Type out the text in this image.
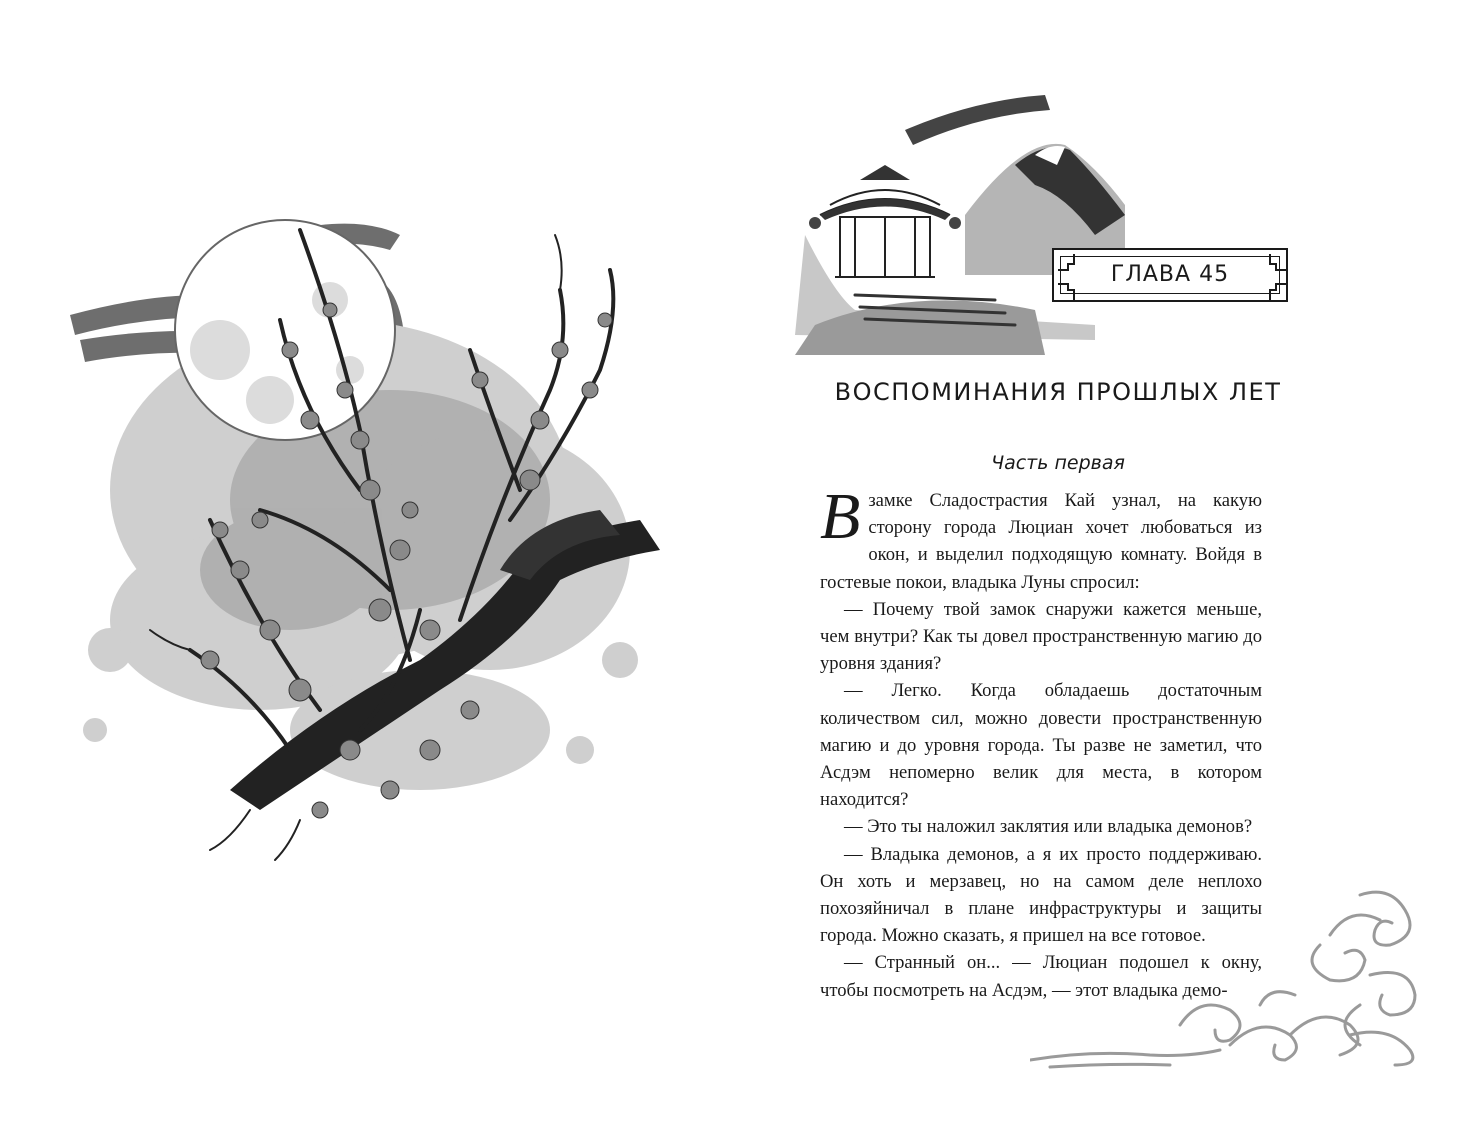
ГЛАВА 45
ВОСПОМИНАНИЯ ПРОШЛЫХ ЛЕТ
Часть первая

В замке Сладострастия Кай узнал, на какую сторону города Люциан хочет любоваться из окон, и выделил подходящую комнату. Войдя в гостевые покои, владыка Луны спросил:

— Почему твой замок снаружи кажется меньше, чем внутри? Как ты довел пространственную магию до уровня здания?

— Легко. Когда обладаешь достаточным количеством сил, можно довести пространственную магию и до уровня города. Ты разве не заметил, что Асдэм непомерно велик для места, в котором находится?

— Это ты наложил заклятия или владыка демонов?

— Владыка демонов, а я их просто поддерживаю. Он хоть и мерзавец, но на самом деле неплохо похозяйничал в плане инфраструктуры и защиты города. Можно сказать, я пришел на все готовое.

— Странный он... — Люциан подошел к окну, чтобы посмотреть на Асдэм, — этот владыка демо-
